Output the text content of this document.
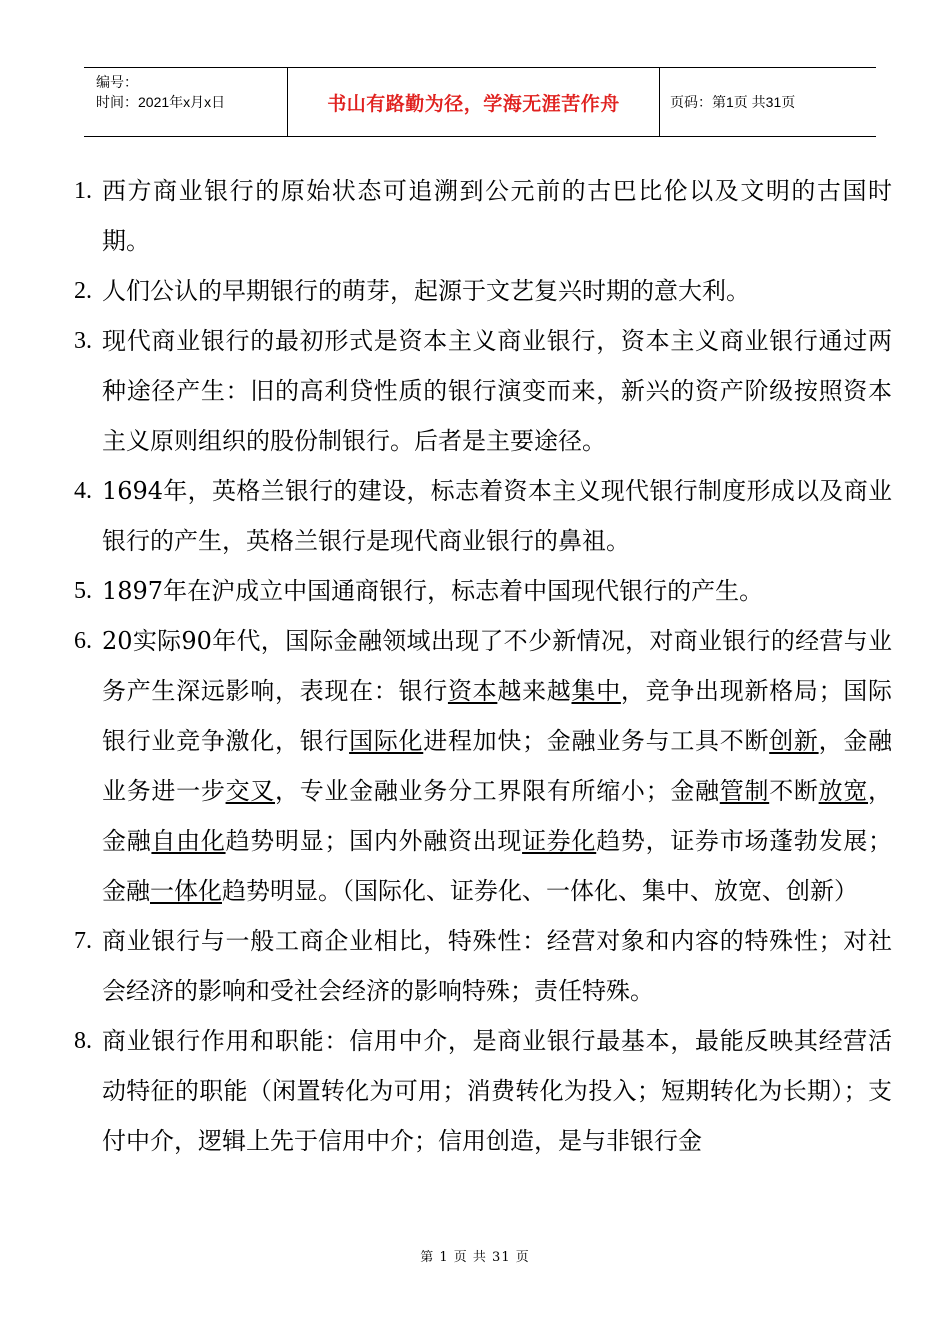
编号：
时间：2021年x月x日	书山有路勤为径，学海无涯苦作舟	页码：第1页 共31页
1. 西方商业银行的原始状态可追溯到公元前的古巴比伦以及文明的古国时期。
2. 人们公认的早期银行的萌芽，起源于文艺复兴时期的意大利。
3. 现代商业银行的最初形式是资本主义商业银行，资本主义商业银行通过两种途径产生：旧的高利贷性质的银行演变而来，新兴的资产阶级按照资本主义原则组织的股份制银行。后者是主要途径。
4. 1694年，英格兰银行的建设，标志着资本主义现代银行制度形成以及商业银行的产生，英格兰银行是现代商业银行的鼻祖。
5. 1897年在沪成立中国通商银行，标志着中国现代银行的产生。
6. 20实际90年代，国际金融领域出现了不少新情况，对商业银行的经营与业务产生深远影响，表现在：银行资本越来越集中，竞争出现新格局；国际银行业竞争激化，银行国际化进程加快；金融业务与工具不断创新，金融业务进一步交叉，专业金融业务分工界限有所缩小；金融管制不断放宽，金融自由化趋势明显；国内外融资出现证券化趋势，证券市场蓬勃发展；金融一体化趋势明显。（国际化、证券化、一体化、集中、放宽、创新）
7. 商业银行与一般工商企业相比，特殊性：经营对象和内容的特殊性；对社会经济的影响和受社会经济的影响特殊；责任特殊。
8. 商业银行作用和职能：信用中介，是商业银行最基本，最能反映其经营活动特征的职能（闲置转化为可用；消费转化为投入；短期转化为长期）；支付中介，逻辑上先于信用中介；信用创造，是与非银行金
第 1 页 共 31 页
